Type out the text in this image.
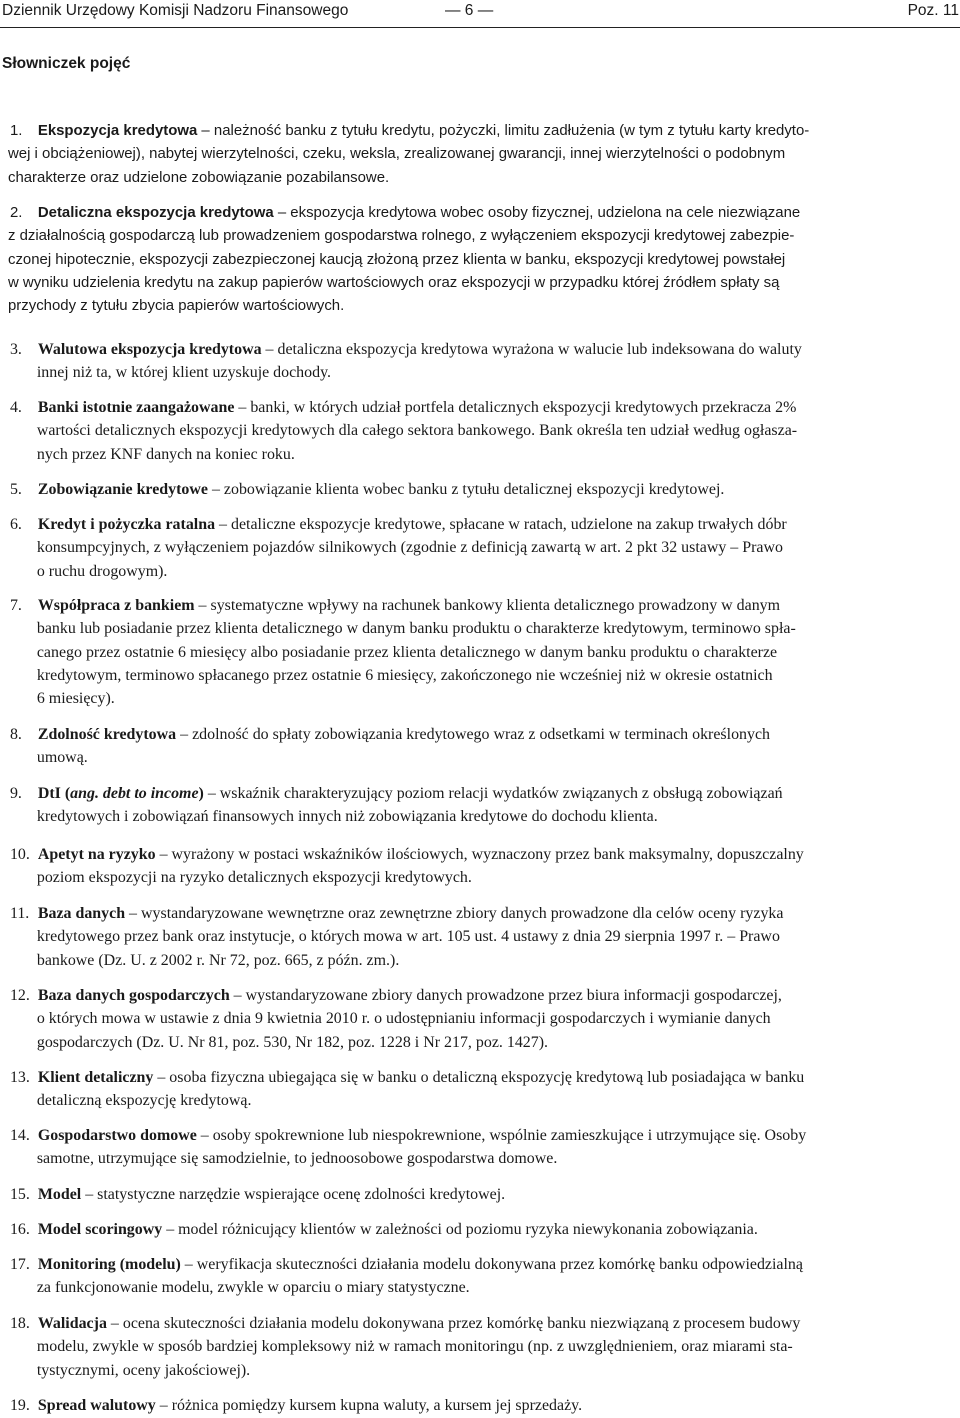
Dziennik Urzędowy Komisji Nadzoru Finansowego	— 6 —	Poz. 11
Słowniczek pojęć
1. Ekspozycja kredytowa – należność banku z tytułu kredytu, pożyczki, limitu zadłużenia (w tym z tytułu karty kredyto-
wej i obciążeniowej), nabytej wierzytelności, czeku, weksla, zrealizowanej gwarancji, innej wierzytelności o podobnym
charakterze oraz udzielone zobowiązanie pozabilansowe.
2. Detaliczna ekspozycja kredytowa – ekspozycja kredytowa wobec osoby fizycznej, udzielona na cele niezwiązane
z działalnością gospodarczą lub prowadzeniem gospodarstwa rolnego, z wyłączeniem ekspozycji kredytowej zabezpie-
czonej hipotecznie, ekspozycji zabezpieczonej kaucją złożoną przez klienta w banku, ekspozycji kredytowej powstałej
w wyniku udzielenia kredytu na zakup papierów wartościowych oraz ekspozycji w przypadku której źródłem spłaty są
przychody z tytułu zbycia papierów wartościowych.
3. Walutowa ekspozycja kredytowa – detaliczna ekspozycja kredytowa wyrażona w walucie lub indeksowana do waluty
innej niż ta, w której klient uzyskuje dochody.
4. Banki istotnie zaangażowane – banki, w których udział portfela detalicznych ekspozycji kredytowych przekracza 2%
wartości detalicznych ekspozycji kredytowych dla całego sektora bankowego. Bank określa ten udział według ogłasza-
nych przez KNF danych na koniec roku.
5. Zobowiązanie kredytowe – zobowiązanie klienta wobec banku z tytułu detalicznej ekspozycji kredytowej.
6. Kredyt i pożyczka ratalna – detaliczne ekspozycje kredytowe, spłacane w ratach, udzielone na zakup trwałych dóbr
konsumpcyjnych, z wyłączeniem pojazdów silnikowych (zgodnie z definicją zawartą w art. 2 pkt 32 ustawy – Prawo
o ruchu drogowym).
7. Współpraca z bankiem – systematyczne wpływy na rachunek bankowy klienta detalicznego prowadzony w danym
banku lub posiadanie przez klienta detalicznego w danym banku produktu o charakterze kredytowym, terminowo spła-
canego przez ostatnie 6 miesięcy albo posiadanie przez klienta detalicznego w danym banku produktu o charakterze
kredytowym, terminowo spłacanego przez ostatnie 6 miesięcy, zakończonego nie wcześniej niż w okresie ostatnich
6 miesięcy).
8. Zdolność kredytowa – zdolność do spłaty zobowiązania kredytowego wraz z odsetkami w terminach określonych
umową.
9. DtI (ang. debt to income) – wskaźnik charakteryzujący poziom relacji wydatków związanych z obsługą zobowiązań
kredytowych i zobowiązań finansowych innych niż zobowiązania kredytowe do dochodu klienta.
10. Apetyt na ryzyko – wyrażony w postaci wskaźników ilościowych, wyznaczony przez bank maksymalny, dopuszczalny
poziom ekspozycji na ryzyko detalicznych ekspozycji kredytowych.
11. Baza danych – wystandaryzowane wewnętrzne oraz zewnętrzne zbiory danych prowadzone dla celów oceny ryzyka
kredytowego przez bank oraz instytucje, o których mowa w art. 105 ust. 4 ustawy z dnia 29 sierpnia 1997 r. – Prawo
bankowe (Dz. U. z 2002 r. Nr 72, poz. 665, z późn. zm.).
12. Baza danych gospodarczych – wystandaryzowane zbiory danych prowadzone przez biura informacji gospodarczej,
o których mowa w ustawie z dnia 9 kwietnia 2010 r. o udostępnianiu informacji gospodarczych i wymianie danych
gospodarczych (Dz. U. Nr 81, poz. 530, Nr 182, poz. 1228 i Nr 217, poz. 1427).
13. Klient detaliczny – osoba fizyczna ubiegająca się w banku o detaliczną ekspozycję kredytową lub posiadająca w banku
detaliczną ekspozycję kredytową.
14. Gospodarstwo domowe – osoby spokrewnione lub niespokrewnione, wspólnie zamieszkujące i utrzymujące się. Osoby
samotne, utrzymujące się samodzielnie, to jednoosobowe gospodarstwa domowe.
15. Model – statystyczne narzędzie wspierające ocenę zdolności kredytowej.
16. Model scoringowy – model różnicujący klientów w zależności od poziomu ryzyka niewykonania zobowiązania.
17. Monitoring (modelu) – weryfikacja skuteczności działania modelu dokonywana przez komórkę banku odpowiedzialną
za funkcjonowanie modelu, zwykle w oparciu o miary statystyczne.
18. Walidacja – ocena skuteczności działania modelu dokonywana przez komórkę banku niezwiązaną z procesem budowy
modelu, zwykle w sposób bardziej kompleksowy niż w ramach monitoringu (np. z uwzględnieniem, oraz miarami sta-
tystycznymi, oceny jakościowej).
19. Spread walutowy – różnica pomiędzy kursem kupna waluty, a kursem jej sprzedaży.
